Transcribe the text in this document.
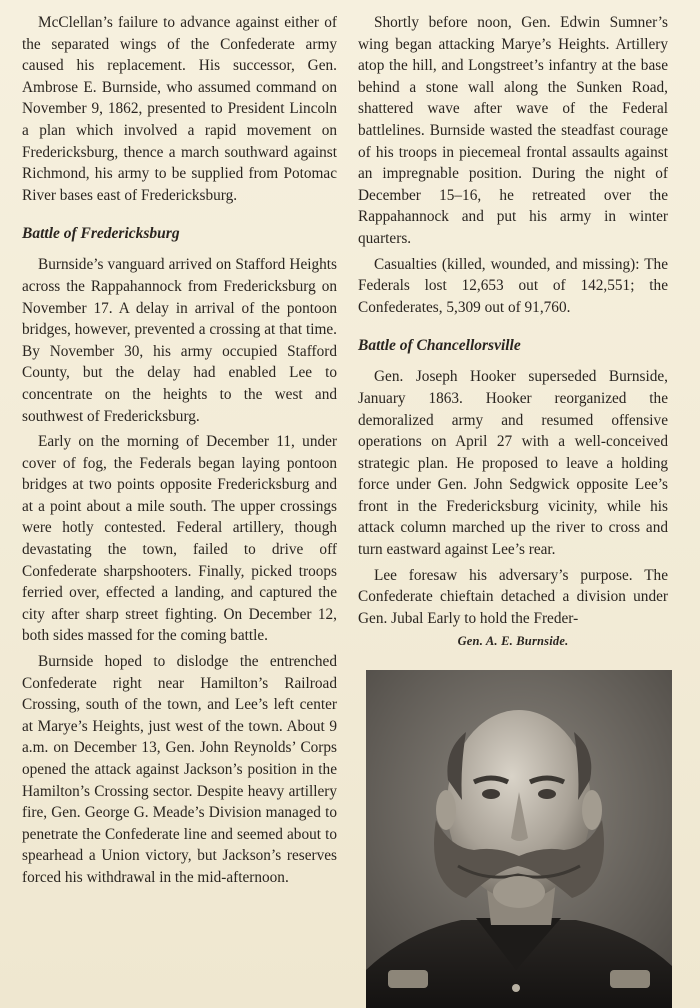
McClellan’s failure to advance against either of the separated wings of the Confederate army caused his replacement. His successor, Gen. Ambrose E. Burnside, who assumed command on November 9, 1862, presented to President Lincoln a plan which involved a rapid movement on Fredericksburg, thence a march southward against Richmond, his army to be supplied from Potomac River bases east of Fredericksburg.

Battle of Fredericksburg

Burnside’s vanguard arrived on Stafford Heights across the Rappahannock from Fredericksburg on November 17. A delay in arrival of the pontoon bridges, however, prevented a crossing at that time. By November 30, his army occupied Stafford County, but the delay had enabled Lee to concentrate on the heights to the west and southwest of Fredericksburg.

Early on the morning of December 11, under cover of fog, the Federals began laying pontoon bridges at two points opposite Fredericksburg and at a point about a mile south. The upper crossings were hotly contested. Federal artillery, though devastating the town, failed to drive off Confederate sharpshooters. Finally, picked troops ferried over, effected a landing, and captured the city after sharp street fighting. On December 12, both sides massed for the coming battle.

Burnside hoped to dislodge the entrenched Confederate right near Hamilton’s Railroad Crossing, south of the town, and Lee’s left center at Marye’s Heights, just west of the town. About 9 a.m. on December 13, Gen. John Reynolds’ Corps opened the attack against Jackson’s position in the Hamilton’s Crossing sector. Despite heavy artillery fire, Gen. George G. Meade’s Division managed to penetrate the Confederate line and seemed about to spearhead a Union victory, but Jackson’s reserves forced his withdrawal in the mid-afternoon.

Shortly before noon, Gen. Edwin Sumner’s wing began attacking Marye’s Heights. Artillery atop the hill, and Longstreet’s infantry at the base behind a stone wall along the Sunken Road, shattered wave after wave of the Federal battlelines. Burnside wasted the steadfast courage of his troops in piecemeal frontal assaults against an impregnable position. During the night of December 15–16, he retreated over the Rappahannock and put his army in winter quarters.

Casualties (killed, wounded, and missing): The Federals lost 12,653 out of 142,551; the Confederates, 5,309 out of 91,760.

Battle of Chancellorsville

Gen. Joseph Hooker superseded Burnside, January 1863. Hooker reorganized the demoralized army and resumed offensive operations on April 27 with a well-conceived strategic plan. He proposed to leave a holding force under Gen. John Sedgwick opposite Lee’s front in the Fredericksburg vicinity, while his attack column marched up the river to cross and turn eastward against Lee’s rear.

Lee foresaw his adversary’s purpose. The Confederate chieftain detached a division under Gen. Jubal Early to hold the Freder-

Gen. A. E. Burnside.
